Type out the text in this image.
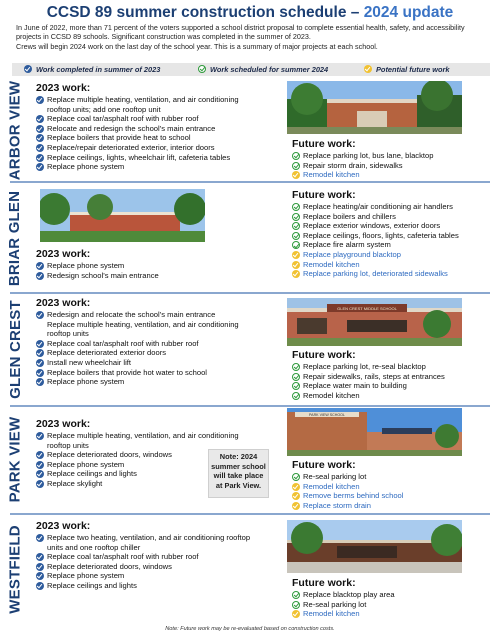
CCSD 89 summer construction schedule – 2024 update
In June of 2022, more than 71 percent of the voters supported a school district proposal to complete essential health, safety, and accessibility projects in CCSD 89 schools. Significant construction was completed in the summer of 2023.
Crews will begin 2024 work on the last day of the school year. This is a summary of major projects at each school.
Work completed in summer of 2023	Work scheduled for summer 2024	Potential future work
ARBOR VIEW 2023 work:
Replace multiple heating, ventilation, and air conditioning
rooftop units; add one rooftop unit
Replace coal tar/asphalt roof with rubber roof
Relocate and redesign the school’s main entrance
Replace boilers that provide heat to school
Replace/repair deteriorated exterior, interior doors
Replace ceilings, lights, wheelchair lift, cafeteria tables
Replace phone system
Future work:
Replace parking lot, bus lane, blacktop
Repair storm drain, sidewalks
Remodel kitchen
BRIAR GLEN 2023 work:
Replace phone system
Redesign school’s main entrance
Future work:
Replace heating/air conditioning air handlers
Replace boilers and chillers
Replace exterior windows, exterior doors
Replace ceilings, floors, lights, cafeteria tables
Replace fire alarm system
Replace playground blacktop
Remodel kitchen
Replace parking lot, deteriorated sidewalks
GLEN CREST 2023 work:
Redesign and relocate the school’s main entrance
Replace multiple heating, ventilation, and air conditioning
rooftop units
Replace coal tar/asphalt roof with rubber roof
Replace deteriorated exterior doors
Install new wheelchair lift
Replace boilers that provide hot water to school
Replace phone system
GLEN CREST MIDDLE SCHOOL
Future work:
Replace parking lot, re-seal blacktop
Repair sidewalks, rails, steps at entrances
Replace water main to building
Remodel kitchen
PARK VIEW 2023 work:
Replace multiple heating, ventilation, and air conditioning
rooftop units
Replace deteriorated doors, windows
Replace phone system
Replace ceilings and lights
Replace skylight
Note: 2024
summer school
will take place
at Park View.
PARK VIEW SCHOOL
Future work:
Re-seal parking lot
Remodel kitchen
Remove berms behind school
Replace storm drain
WESTFIELD 2023 work:
Replace two heating, ventilation, and air conditioning rooftop
units and one rooftop chiller
Replace coal tar/asphalt roof with rubber roof
Replace deteriorated doors, windows
Replace phone system
Replace ceilings and lights	Future work:
Replace blacktop play area
Re-seal parking lot
Remodel kitchen
Note: Future work may be re-evaluated based on construction costs.
